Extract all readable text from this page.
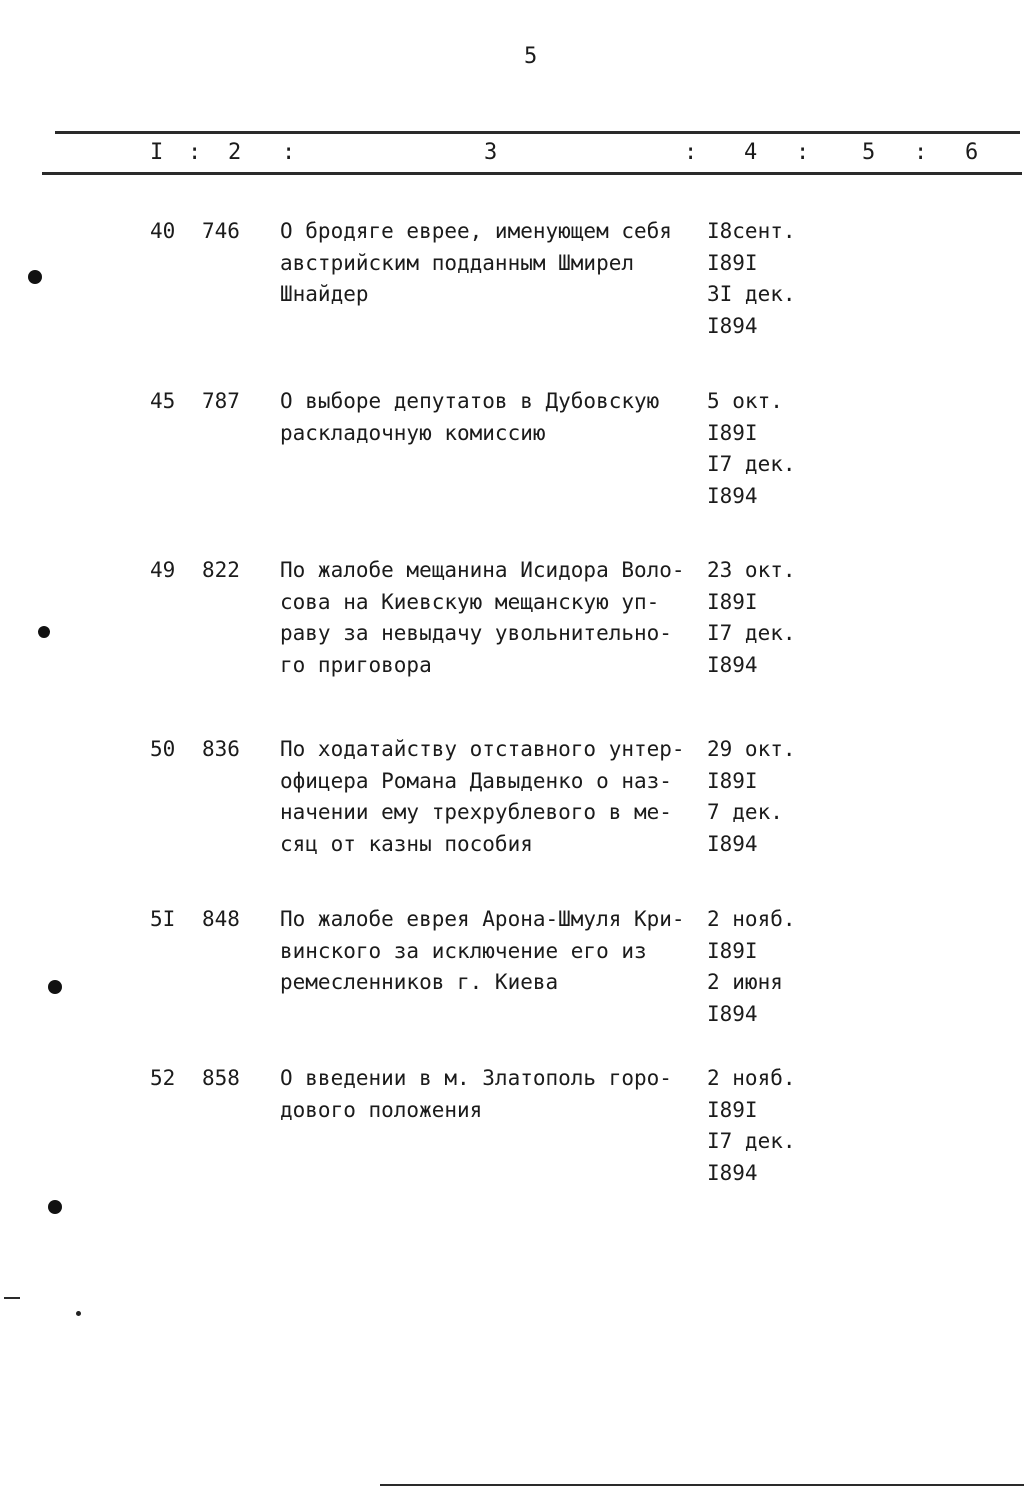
5
I : 2 :	3	: 4 : 5 : 6
40 746 О бродяге еврее, именующем себя
австрийским подданным Шмирел
Шнайдер
I8сент.
I89I
3I дек.
I894
45 787 О выборе депутатов в Дубовскую
раскладочную комиссию
5 окт.
I89I
I7 дек.
I894
49 822 По жалобе мещанина Исидора Воло-
сова на Киевскую мещанскую уп-
раву за невыдачу увольнительно-
го приговора
23 окт.
I89I
I7 дек.
I894
50 836 По ходатайству отставного унтер-
офицера Романа Давыденко о наз-
начении ему трехрублевого в ме-
сяц от казны пособия
29 окт.
I89I
7 дек.
I894
5I 848 По жалобе еврея Арона-Шмуля Кри-
винского за исключение его из
ремесленников г. Киева
2 нояб.
I89I
2 июня
I894
52 858 О введении в м. Златополь горо-
дового положения
2 нояб.
I89I
I7 дек.
I894
